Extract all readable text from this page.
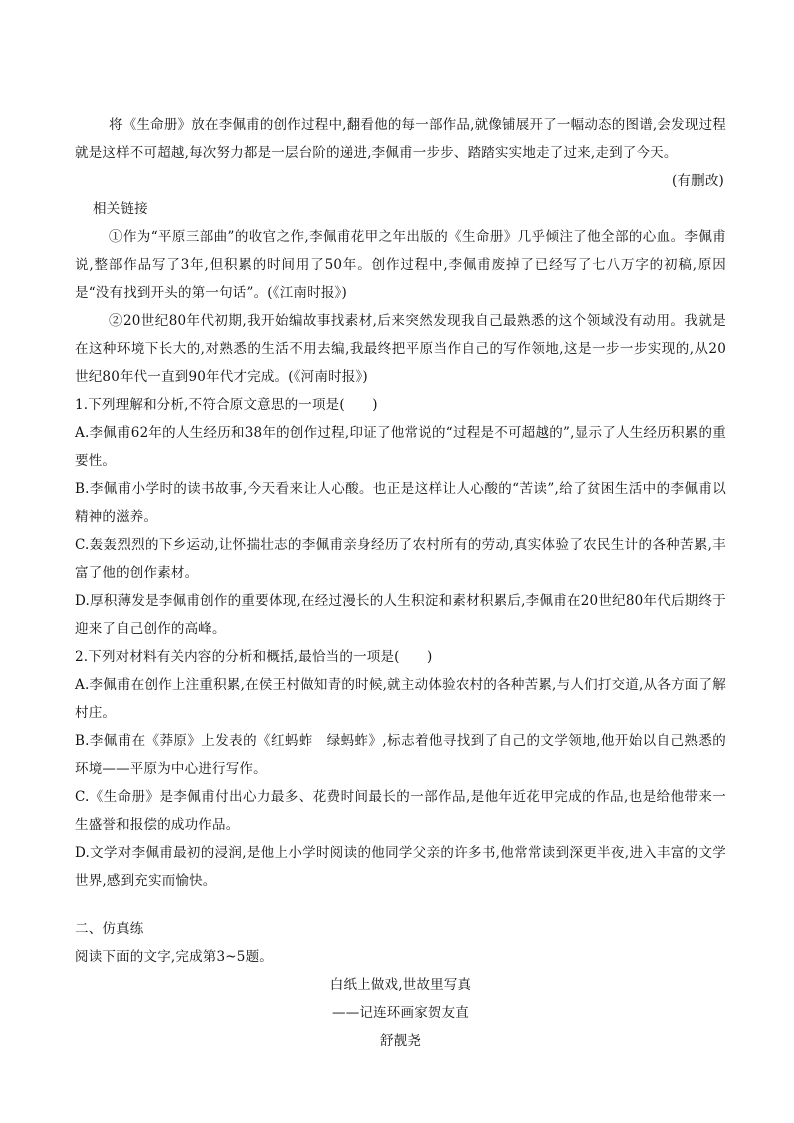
将《生命册》放在李佩甫的创作过程中,翻看他的每一部作品,就像铺展开了一幅动态的图谱,会发现过程就是这样不可超越,每次努力都是一层台阶的递进,李佩甫一步步、踏踏实实地走了过来,走到了今天。

(有删改)

相关链接

①作为“平原三部曲”的收官之作,李佩甫花甲之年出版的《生命册》几乎倾注了他全部的心血。李佩甫说,整部作品写了3年,但积累的时间用了50年。创作过程中,李佩甫废掉了已经写了七八万字的初稿,原因是“没有找到开头的第一句话”。(《江南时报》)

②20世纪80年代初期,我开始编故事找素材,后来突然发现我自己最熟悉的这个领域没有动用。我就是在这种环境下长大的,对熟悉的生活不用去编,我最终把平原当作自己的写作领地,这是一步一步实现的,从20世纪80年代一直到90年代才完成。(《河南时报》)

1.下列理解和分析,不符合原文意思的一项是(　　)

A.李佩甫62年的人生经历和38年的创作过程,印证了他常说的“过程是不可超越的”,显示了人生经历积累的重要性。

B.李佩甫小学时的读书故事,今天看来让人心酸。也正是这样让人心酸的“苦读”,给了贫困生活中的李佩甫以精神的滋养。

C.轰轰烈烈的下乡运动,让怀揣壮志的李佩甫亲身经历了农村所有的劳动,真实体验了农民生计的各种苦累,丰富了他的创作素材。

D.厚积薄发是李佩甫创作的重要体现,在经过漫长的人生积淀和素材积累后,李佩甫在20世纪80年代后期终于迎来了自己创作的高峰。

2.下列对材料有关内容的分析和概括,最恰当的一项是(　　)

A.李佩甫在创作上注重积累,在侯王村做知青的时候,就主动体验农村的各种苦累,与人们打交道,从各方面了解村庄。

B.李佩甫在《莽原》上发表的《红蚂蚱　绿蚂蚱》,标志着他寻找到了自己的文学领地,他开始以自己熟悉的环境——平原为中心进行写作。

C.《生命册》是李佩甫付出心力最多、花费时间最长的一部作品,是他年近花甲完成的作品,也是给他带来一生盛誉和报偿的成功作品。

D.文学对李佩甫最初的浸润,是他上小学时阅读的他同学父亲的许多书,他常常读到深更半夜,进入丰富的文学世界,感到充实而愉快。

二、仿真练

阅读下面的文字,完成第3~5题。

白纸上做戏,世故里写真

——记连环画家贺友直

舒靓尧
